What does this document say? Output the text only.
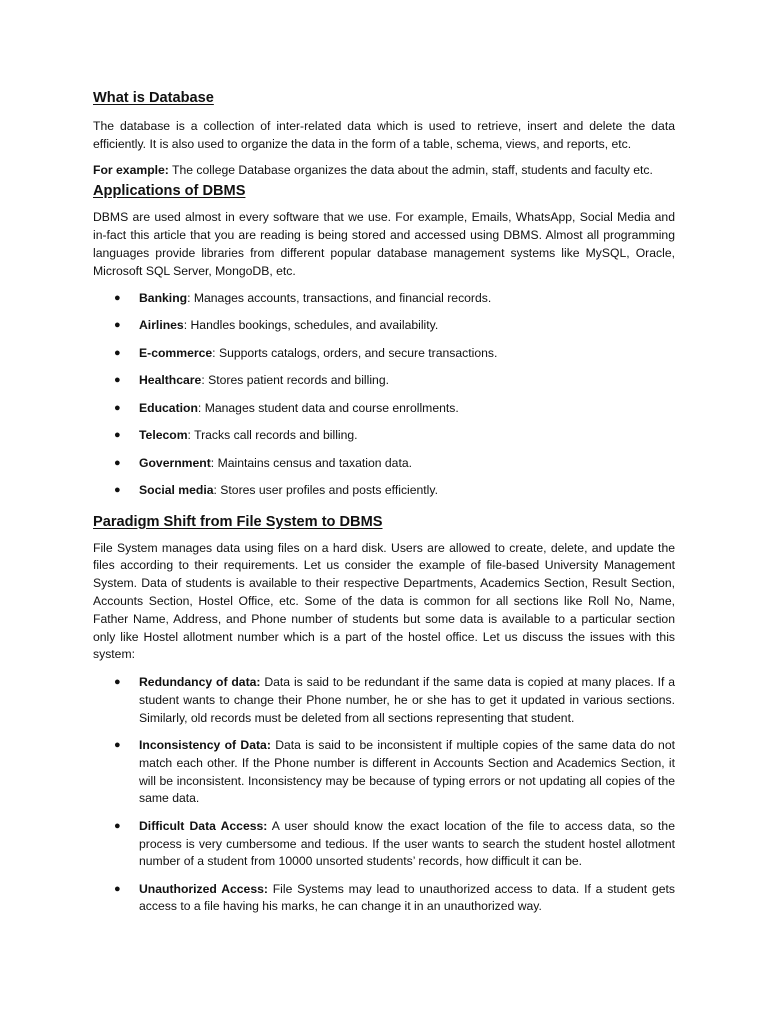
What is Database

The database is a collection of inter-related data which is used to retrieve, insert and delete the data efficiently. It is also used to organize the data in the form of a table, schema, views, and reports, etc.

For example: The college Database organizes the data about the admin, staff, students and faculty etc.

Applications of DBMS

DBMS are used almost in every software that we use. For example, Emails, WhatsApp, Social Media and in-fact this article that you are reading is being stored and accessed using DBMS. Almost all programming languages provide libraries from different popular database management systems like MySQL, Oracle, Microsoft SQL Server, MongoDB, etc.

● Banking: Manages accounts, transactions, and financial records.
● Airlines: Handles bookings, schedules, and availability.
● E-commerce: Supports catalogs, orders, and secure transactions.
● Healthcare: Stores patient records and billing.
● Education: Manages student data and course enrollments.
● Telecom: Tracks call records and billing.
● Government: Maintains census and taxation data.
● Social media: Stores user profiles and posts efficiently.
Paradigm Shift from File System to DBMS

File System manages data using files on a hard disk. Users are allowed to create, delete, and update the files according to their requirements. Let us consider the example of file-based University Management System. Data of students is available to their respective Departments, Academics Section, Result Section, Accounts Section, Hostel Office, etc. Some of the data is common for all sections like Roll No, Name, Father Name, Address, and Phone number of students but some data is available to a particular section only like Hostel allotment number which is a part of the hostel office. Let us discuss the issues with this system:

● Redundancy of data: Data is said to be redundant if the same data is copied at many places. If a student wants to change their Phone number, he or she has to get it updated in various sections. Similarly, old records must be deleted from all sections representing that student.
● Inconsistency of Data: Data is said to be inconsistent if multiple copies of the same data do not match each other. If the Phone number is different in Accounts Section and Academics Section, it will be inconsistent. Inconsistency may be because of typing errors or not updating all copies of the same data.
● Difficult Data Access: A user should know the exact location of the file to access data, so the process is very cumbersome and tedious. If the user wants to search the student hostel allotment number of a student from 10000 unsorted students’ records, how difficult it can be.
● Unauthorized Access: File Systems may lead to unauthorized access to data. If a student gets access to a file having his marks, he can change it in an unauthorized way.
